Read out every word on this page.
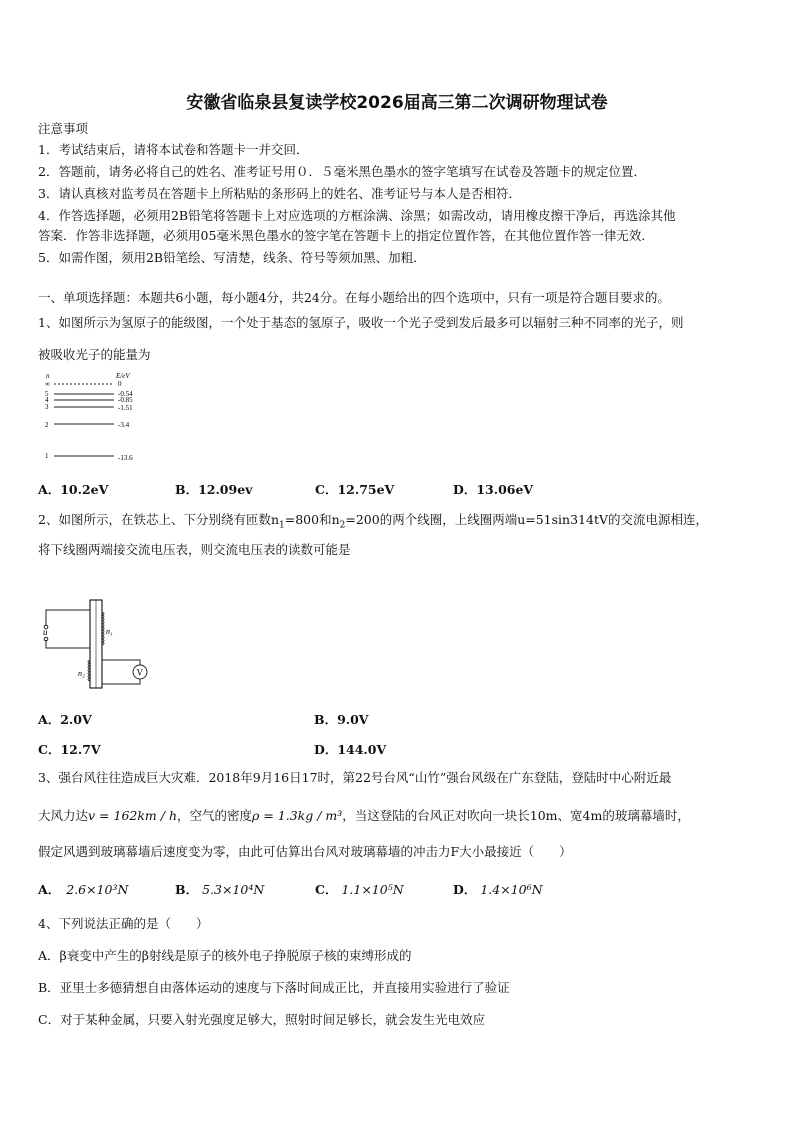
安徽省临泉县复读学校2026届高三第二次调研物理试卷
注意事项
1．考试结束后，请将本试卷和答题卡一并交回．
2．答题前，请务必将自己的姓名、准考证号用０．５毫米黑色墨水的签字笔填写在试卷及答题卡的规定位置．
3．请认真核对监考员在答题卡上所粘贴的条形码上的姓名、准考证号与本人是否相符．
4．作答选择题，必须用2B铅笔将答题卡上对应选项的方框涂满、涂黑；如需改动，请用橡皮擦干净后，再选涂其他
答案．作答非选择题，必须用05毫米黑色墨水的签字笔在答题卡上的指定位置作答，在其他位置作答一律无效．
5．如需作图，须用2B铅笔绘、写清楚，线条、符号等须加黑、加粗．
一、单项选择题：本题共6小题，每小题4分，共24分。在每小题给出的四个选项中，只有一项是符合题目要求的。
1、如图所示为氢原子的能级图，一个处于基态的氢原子，吸收一个光子受到发后最多可以辐射三种不同率的光子，则
被吸收光子的能量为
n	E/eV
∞	0
5	-0.54
4	-0.85
3	-1.51
2	-3.4
1	-13.6
A．10.2eV	B．12.09ev	C．12.75eV	D．13.06eV
2、如图所示，在铁芯上、下分别绕有匝数$n_1=800$和$n_2=200$的两个线圈，上线圈两端u=51sin314tV的交流电源相连，
将下线圈两端接交流电压表，则交流电压表的读数可能是
u	n₁
n₂	V
A．2.0V	B．9.0V
C．12.7V	D．144.0V
3、强台风往往造成巨大灾难．2018年9月16日17时，第22号台风“山竹”强台风级在广东登陆，登陆时中心附近最
大风力达v = 162km / h，空气的密度ρ = 1.3kg / m³，当这登陆的台风正对吹向一块长10m、宽4m的玻璃幕墙时，
假定风遇到玻璃幕墙后速度变为零，由此可估算出台风对玻璃幕墙的冲击力F大小最接近（　　）
A． 2.6×10³N	B． 5.3×10⁴N	C． 1.1×10⁵N	D． 1.4×10⁶N
4、下列说法正确的是（　　）
A．β衰变中产生的β射线是原子的核外电子挣脱原子核的束缚形成的
B．亚里士多德猜想自由落体运动的速度与下落时间成正比，并直接用实验进行了验证
C．对于某种金属，只要入射光强度足够大，照射时间足够长，就会发生光电效应
